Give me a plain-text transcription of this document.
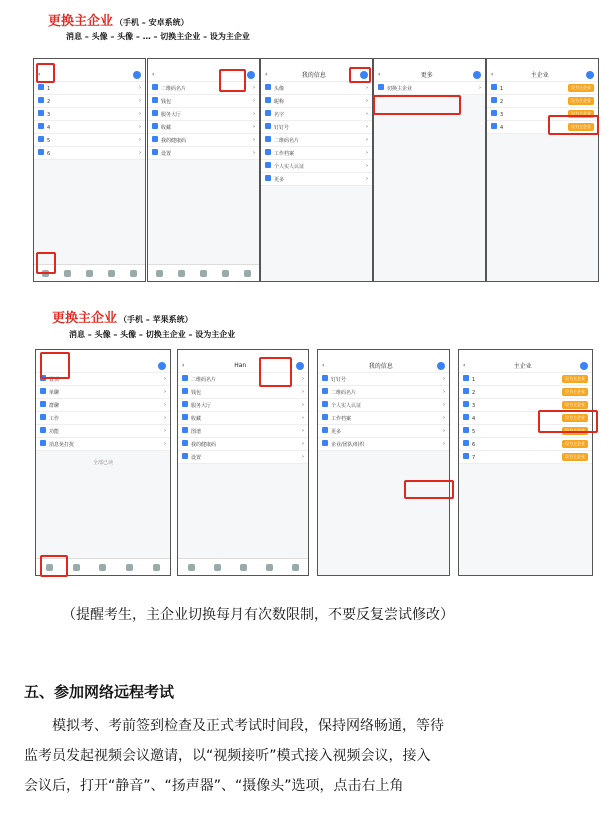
更换主企业 （手机 – 安卓系统）
消息 – 头像 – 头像 – … – 切换主企业 – 设为主企业
‹
1	›
2	›
3	›
4	›
5	›
6	›
‹
二维码名片	›
钱包	›
服务大厅	›
收藏	›
我的健康码	›
设置	›
‹	我的信息
头像	›
昵称	›
名字	›
钉钉号	›
二维码名片	›
工作档案	›
个人实人认证	›
更多	›
‹	更多
切换主企业	›
‹	主企业
1	设为主企业
2	设为主企业
3	设为主企业
4	设为主企业
更换主企业 （手机 – 苹果系统）
消息 – 头像 – 头像 – 切换主企业 – 设为主企业
‹
置顶	›
单聊	›
群聊	›
工作	›
功能	›
消息免打扰	›
全部已读
‹	Han
二维码名片	›
钱包	›
服务大厅	›
收藏	›
图谱	›
我的健康码	›
设置	›
‹	我的信息
钉钉号	›
二维码名片	›
个人实人认证	›
工作档案	›
更多	›
企业/团队/组织	›
‹	主企业
1	设为主企业
2	设为主企业
3	设为主企业
4	设为主企业
5	设为主企业
6	设为主企业
7	设为主企业
（提醒考生，主企业切换每月有次数限制，不要反复尝试修改）
五、参加网络远程考试
模拟考、考前签到检查及正式考试时间段，保持网络畅通，等待
监考员发起视频会议邀请，以“视频接听”模式接入视频会议，接入
会议后，打开“静音”、“扬声器”、“摄像头”选项，点击右上角
